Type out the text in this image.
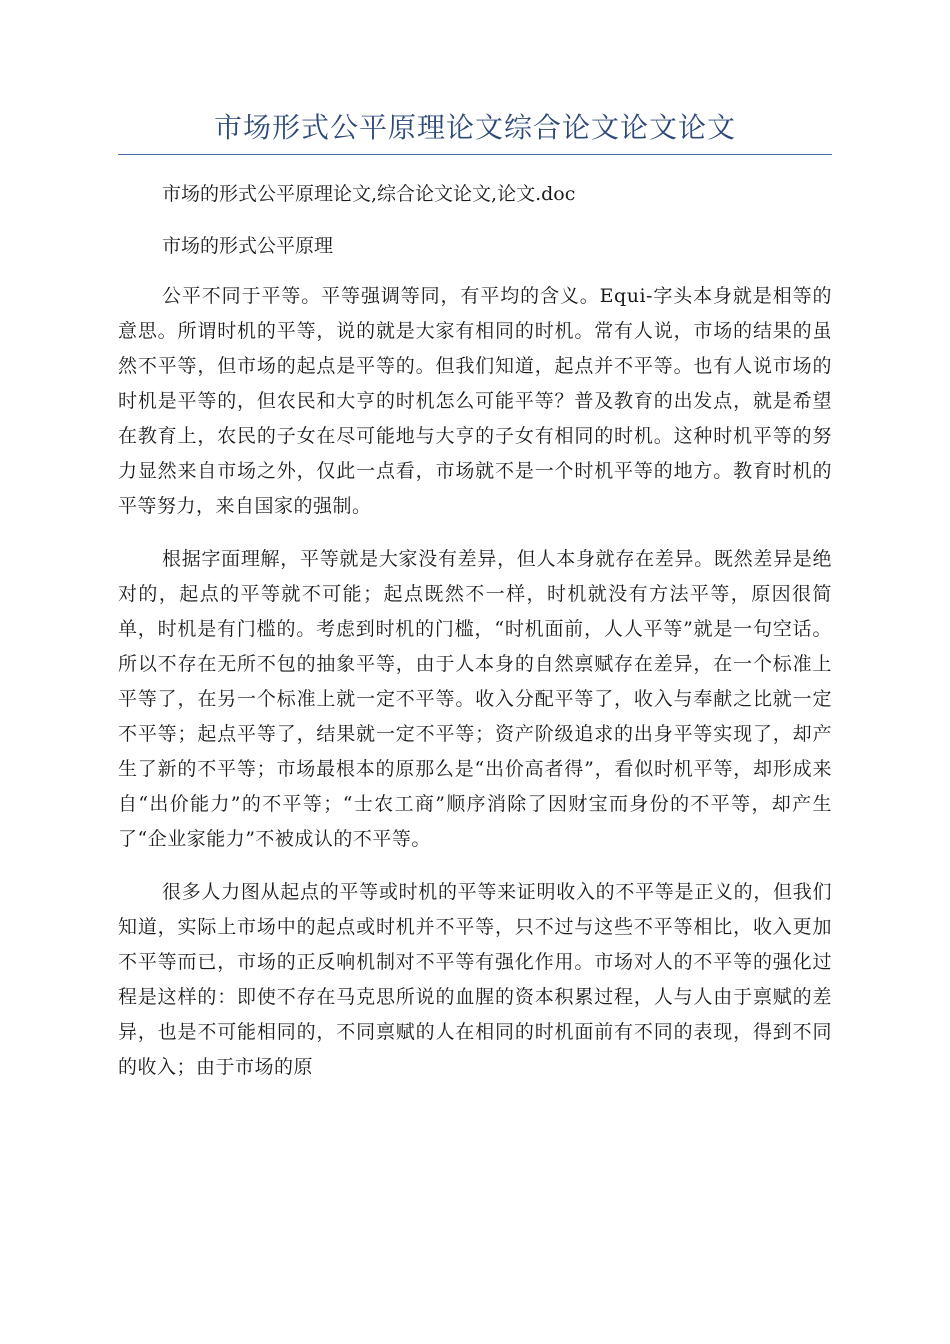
市场形式公平原理论文综合论文论文论文

市场的形式公平原理论文,综合论文论文,论文.doc

市场的形式公平原理

公平不同于平等。平等强调等同，有平均的含义。Equi-字头本身就是相等的意思。所谓时机的平等，说的就是大家有相同的时机。常有人说，市场的结果的虽然不平等，但市场的起点是平等的。但我们知道，起点并不平等。也有人说市场的时机是平等的，但农民和大亨的时机怎么可能平等？普及教育的出发点，就是希望在教育上，农民的子女在尽可能地与大亨的子女有相同的时机。这种时机平等的努力显然来自市场之外，仅此一点看，市场就不是一个时机平等的地方。教育时机的平等努力，来自国家的强制。

根据字面理解，平等就是大家没有差异，但人本身就存在差异。既然差异是绝对的，起点的平等就不可能；起点既然不一样，时机就没有方法平等，原因很简单，时机是有门槛的。考虑到时机的门槛，“时机面前，人人平等”就是一句空话。所以不存在无所不包的抽象平等，由于人本身的自然禀赋存在差异，在一个标准上平等了，在另一个标准上就一定不平等。收入分配平等了，收入与奉献之比就一定不平等；起点平等了，结果就一定不平等；资产阶级追求的出身平等实现了，却产生了新的不平等；市场最根本的原那么是“出价高者得”，看似时机平等，却形成来自“出价能力”的不平等；“士农工商”顺序消除了因财宝而身份的不平等，却产生了“企业家能力”不被成认的不平等。

很多人力图从起点的平等或时机的平等来证明收入的不平等是正义的，但我们知道，实际上市场中的起点或时机并不平等，只不过与这些不平等相比，收入更加不平等而已，市场的正反响机制对不平等有强化作用。市场对人的不平等的强化过程是这样的：即使不存在马克思所说的血腥的资本积累过程，人与人由于禀赋的差异，也是不可能相同的，不同禀赋的人在相同的时机面前有不同的表现，得到不同的收入；由于市场的原
